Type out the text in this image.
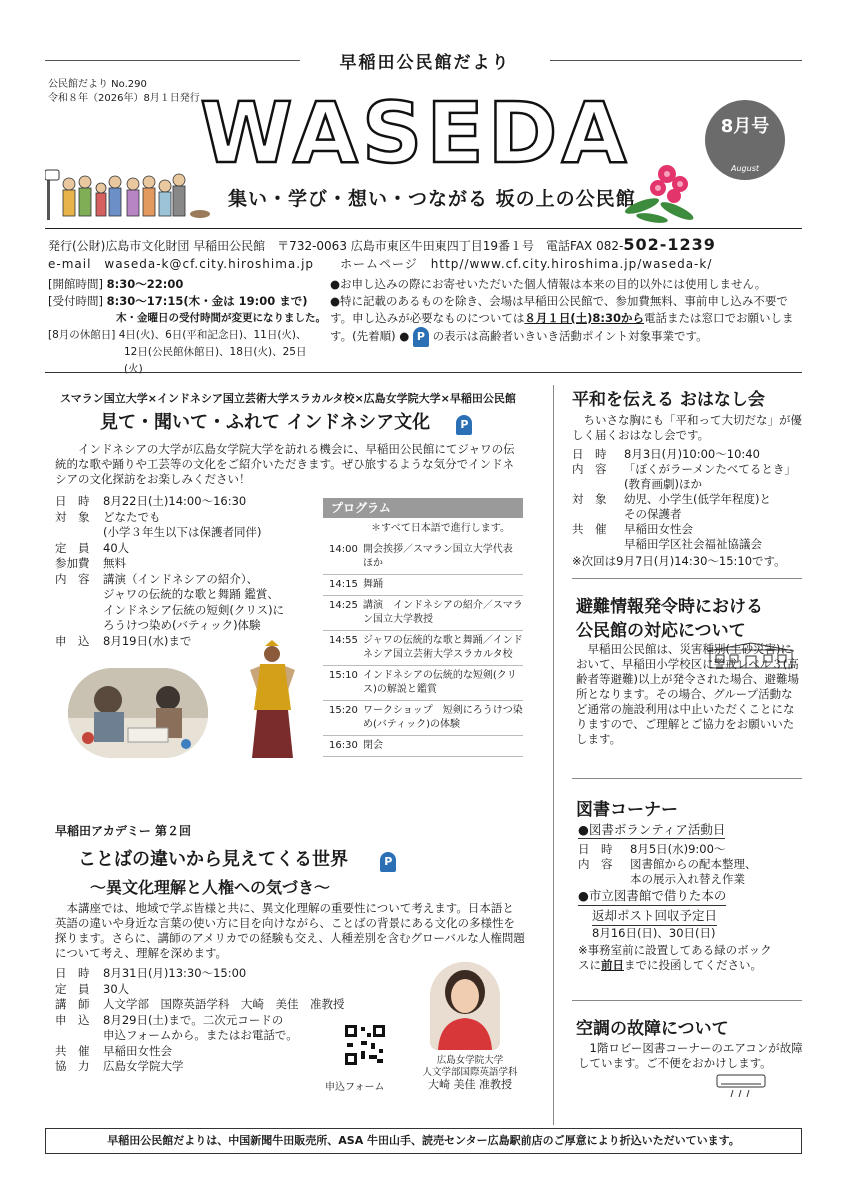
早稲田公民館だより
公民館だより No.290
令和８年（2026年）8月１日発行 WASEDA	8月号
August
集い・学び・想い・つながる 坂の上の公民館
発行(公財)広島市文化財団 早稲田公民館　〒732-0063 広島市東区牛田東四丁目19番１号　電話FAX 082-502-1239
e-mail　waseda-k@cf.city.hiroshima.jp　　ホームページ　http//www.cf.city.hiroshima.jp/waseda-k/
[開館時間] 8:30～22:00
[受付時間] 8:30～17:15(木・金は 19:00 まで)
木・金曜日の受付時間が変更になりました。
[8月の休館日] 4日(火)、6日(平和記念日)、11日(火)、
12日(公民館休館日)、18日(火)、25日 (火)
●お申し込みの際にお寄せいただいた個人情報は本来の目的以外には使用しません。
●特に記載のあるものを除き、会場は早稲田公民館で、参加費無料、事前申し込み不要です。申し込みが必要なものについては８月１日(土)8:30から電話または窓口でお願いします。(先着順) ● P の表示は高齢者いきいき活動ポイント対象事業です。
スマラン国立大学×インドネシア国立芸術大学スラカルタ校×広島女学院大学×早稲田公民館
見て・聞いて・ふれて インドネシア文化	P
インドネシアの大学が広島女学院大学を訪れる機会に、早稲田公民館にてジャワの伝統的な歌や踊りや工芸等の文化をご紹介いただきます。ぜひ旅するような気分でインドネシアの文化探訪をお楽しみください！
日　時	8月22日(土)14:00～16:30
対　象	どなたでも
(小学３年生以下は保護者同伴)
定　員	40人
参加費	無料
内　容	講演（インドネシアの紹介）、
ジャワの伝統的な歌と舞踊 鑑賞、
インドネシア伝統の短剣(クリス)に
ろうけつ染め(バティック)体験
申　込	8月19日(水)まで
プログラム
＊すべて日本語で進行します。
14:00 開会挨拶／スマラン国立大学代表 ほか
14:15 舞踊
14:25 講演　インドネシアの紹介／スマラン国立大学教授
14:55 ジャワの伝統的な歌と舞踊／インドネシア国立芸術大学スラカルタ校
15:10 インドネシアの伝統的な短剣(クリス)の解説と鑑賞
15:20 ワークショップ　短剣にろうけつ染め(バティック)の体験
16:30 閉会
早稲田アカデミー 第２回
ことばの違いから見えてくる世界	P
～異文化理解と人権への気づき～
本講座では、地域で学ぶ皆様と共に、異文化理解の重要性について考えます。日本語と英語の違いや身近な言葉の使い方に目を向けながら、ことばの背景にある文化の多様性を探ります。さらに、講師のアメリカでの経験も交え、人種差別を含むグローバルな人権問題について考え、理解を深めます。
日　時	8月31日(月)13:30～15:00
定　員	30人
講　師	人文学部　国際英語学科　大崎　美佳　准教授
申　込	8月29日(土)まで。二次元コードの
申込フォームから。またはお電話で。
共　催	早稲田女性会
協　力	広島女学院大学
申込フォーム
広島女学院大学
人文学部国際英語学科
大崎 美佳 准教授
平和を伝える おはなし会
ちいさな胸にも「平和って大切だな」が優しく届くおはなし会です。
日　時	8月3日(月)10:00～10:40
内　容	「ぼくがラーメンたべてるとき」
(教育画劇)ほか
対　象	幼児、小学生(低学年程度)と
その保護者
共　催	早稲田女性会
早稲田学区社会福祉協議会
※次回は9月7日(月)14:30～15:10です。
避難情報発令時における
公民館の対応について
早稲田公民館は、災害種別(土砂災害)において、早稲田小学校区に警戒レベル３(高齢者等避難)以上が発令された場合、避難場所となります。その場合、グループ活動など通常の施設利用は中止いただくことになりますので、ご理解とご協力をお願いいたします。
図書コーナー
●図書ボランティア活動日
日　時	8月5日(水)9:00～
内　容	図書館からの配本整理、
本の展示入れ替え作業
●市立図書館で借りた本の
返却ポスト回収予定日
8月16日(日)、30日(日)
※事務室前に設置してある緑のボックスに前日までに投函してください。
空調の故障について
1階ロビー図書コーナーのエアコンが故障しています。ご不便をおかけします。
早稲田公民館だよりは、中国新聞牛田販売所、ASA 牛田山手、読売センター広島駅前店のご厚意により折込いただいています。
